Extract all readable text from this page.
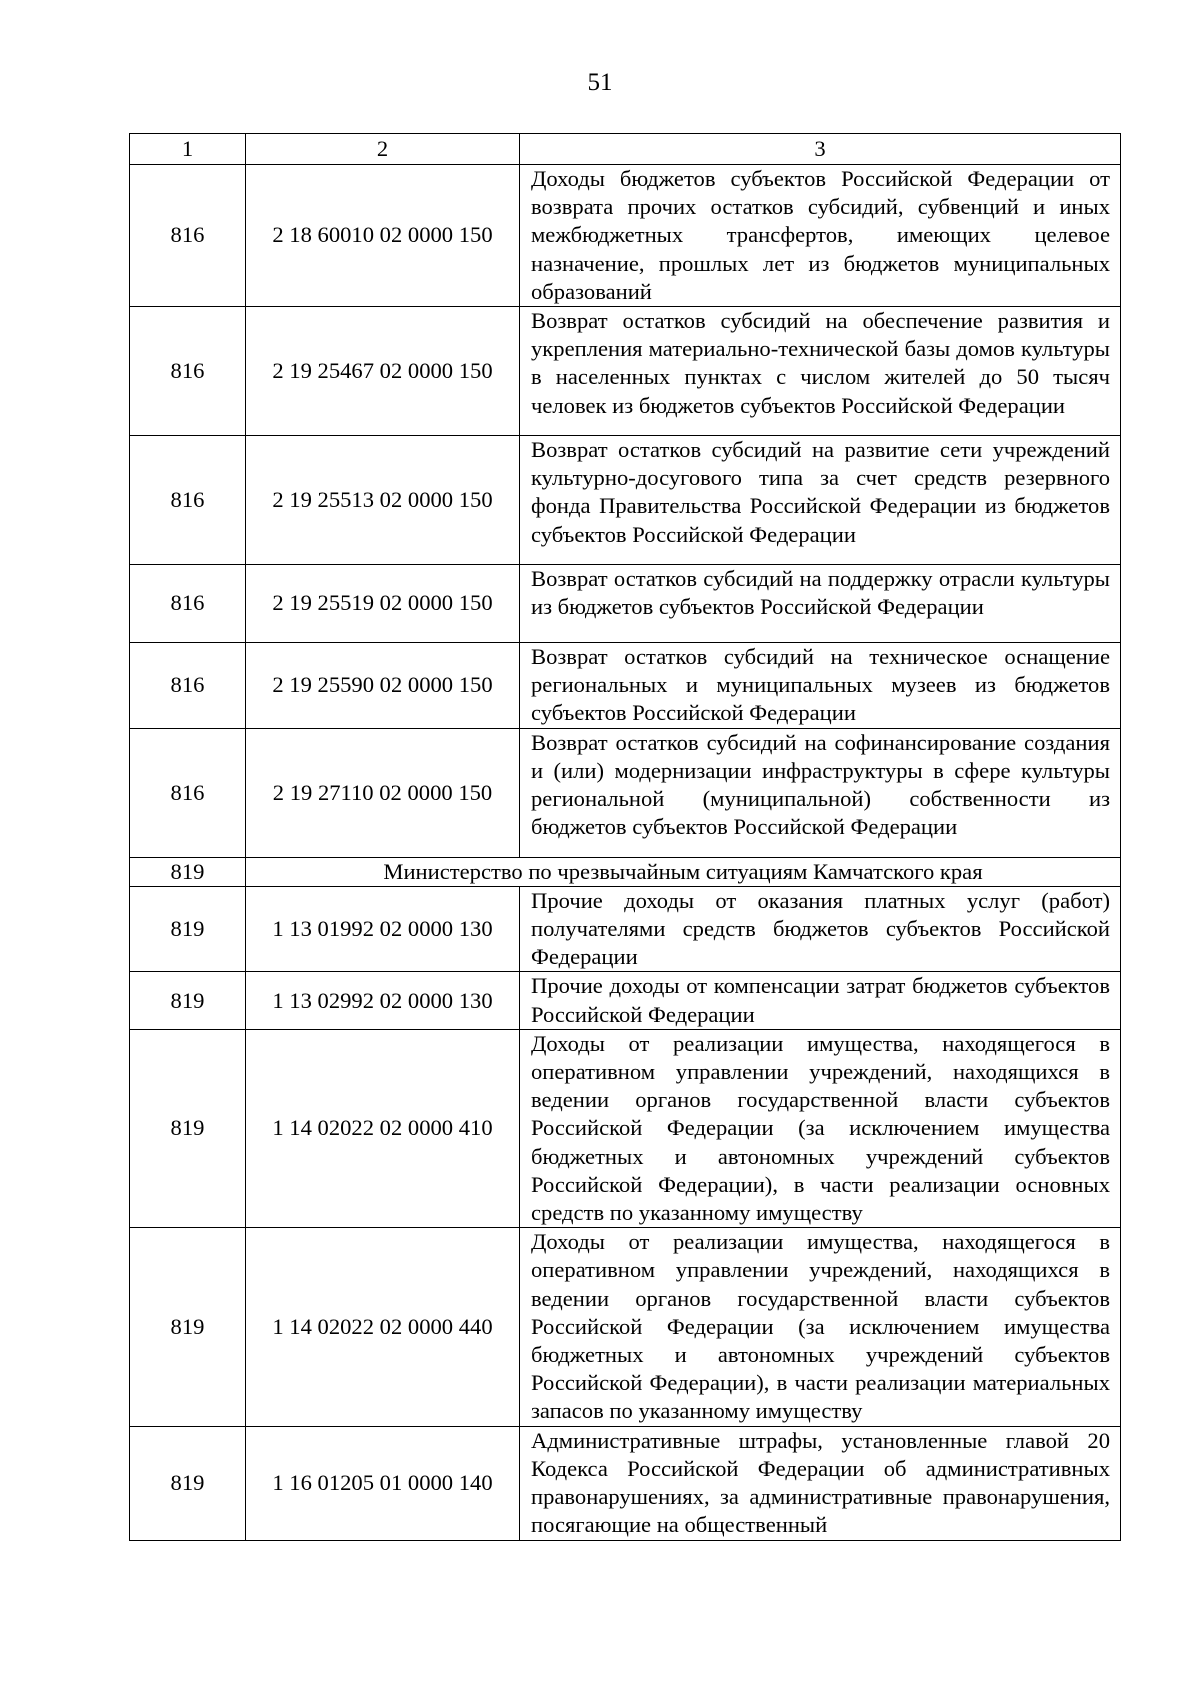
51
1	2	3
816	2 18 60010 02 0000 150	Доходы бюджетов субъектов Российской Федерации от возврата прочих остатков субсидий, субвенций и иных межбюджетных трансфертов, имеющих целевое назначение, прошлых лет из бюджетов муниципальных образований
816	2 19 25467 02 0000 150	Возврат остатков субсидий на обеспечение развития и укрепления материально-технической базы домов культуры в населенных пунктах с числом жителей до 50 тысяч человек из бюджетов субъектов Российской Федерации
816	2 19 25513 02 0000 150	Возврат остатков субсидий на развитие сети учреждений культурно-досугового типа за счет средств резервного фонда Правительства Российской Федерации из бюджетов субъектов Российской Федерации
816	2 19 25519 02 0000 150	Возврат остатков субсидий на поддержку отрасли культуры из бюджетов субъектов Российской Федерации
816	2 19 25590 02 0000 150	Возврат остатков субсидий на техническое оснащение региональных и муниципальных музеев из бюджетов субъектов Российской Федерации
816	2 19 27110 02 0000 150	Возврат остатков субсидий на софинансирование создания и (или) модернизации инфраструктуры в сфере культуры региональной (муниципальной) собственности из бюджетов субъектов Российской Федерации
819	Министерство по чрезвычайным ситуациям Камчатского края	
819	1 13 01992 02 0000 130	Прочие доходы от оказания платных услуг (работ) получателями средств бюджетов субъектов Российской Федерации
819	1 13 02992 02 0000 130	Прочие доходы от компенсации затрат бюджетов субъектов Российской Федерации
819	1 14 02022 02 0000 410	Доходы от реализации имущества, находящегося в оперативном управлении учреждений, находящихся в ведении органов государственной власти субъектов Российской Федерации (за исключением имущества бюджетных и автономных учреждений субъектов Российской Федерации), в части реализации основных средств по указанному имуществу
819	1 14 02022 02 0000 440	Доходы от реализации имущества, находящегося в оперативном управлении учреждений, находящихся в ведении органов государственной власти субъектов Российской Федерации (за исключением имущества бюджетных и автономных учреждений субъектов Российской Федерации), в части реализации материальных запасов по указанному имуществу
819	1 16 01205 01 0000 140	Административные штрафы, установленные главой 20 Кодекса Российской Федерации об административных правонарушениях, за административные правонарушения, посягающие на общественный
